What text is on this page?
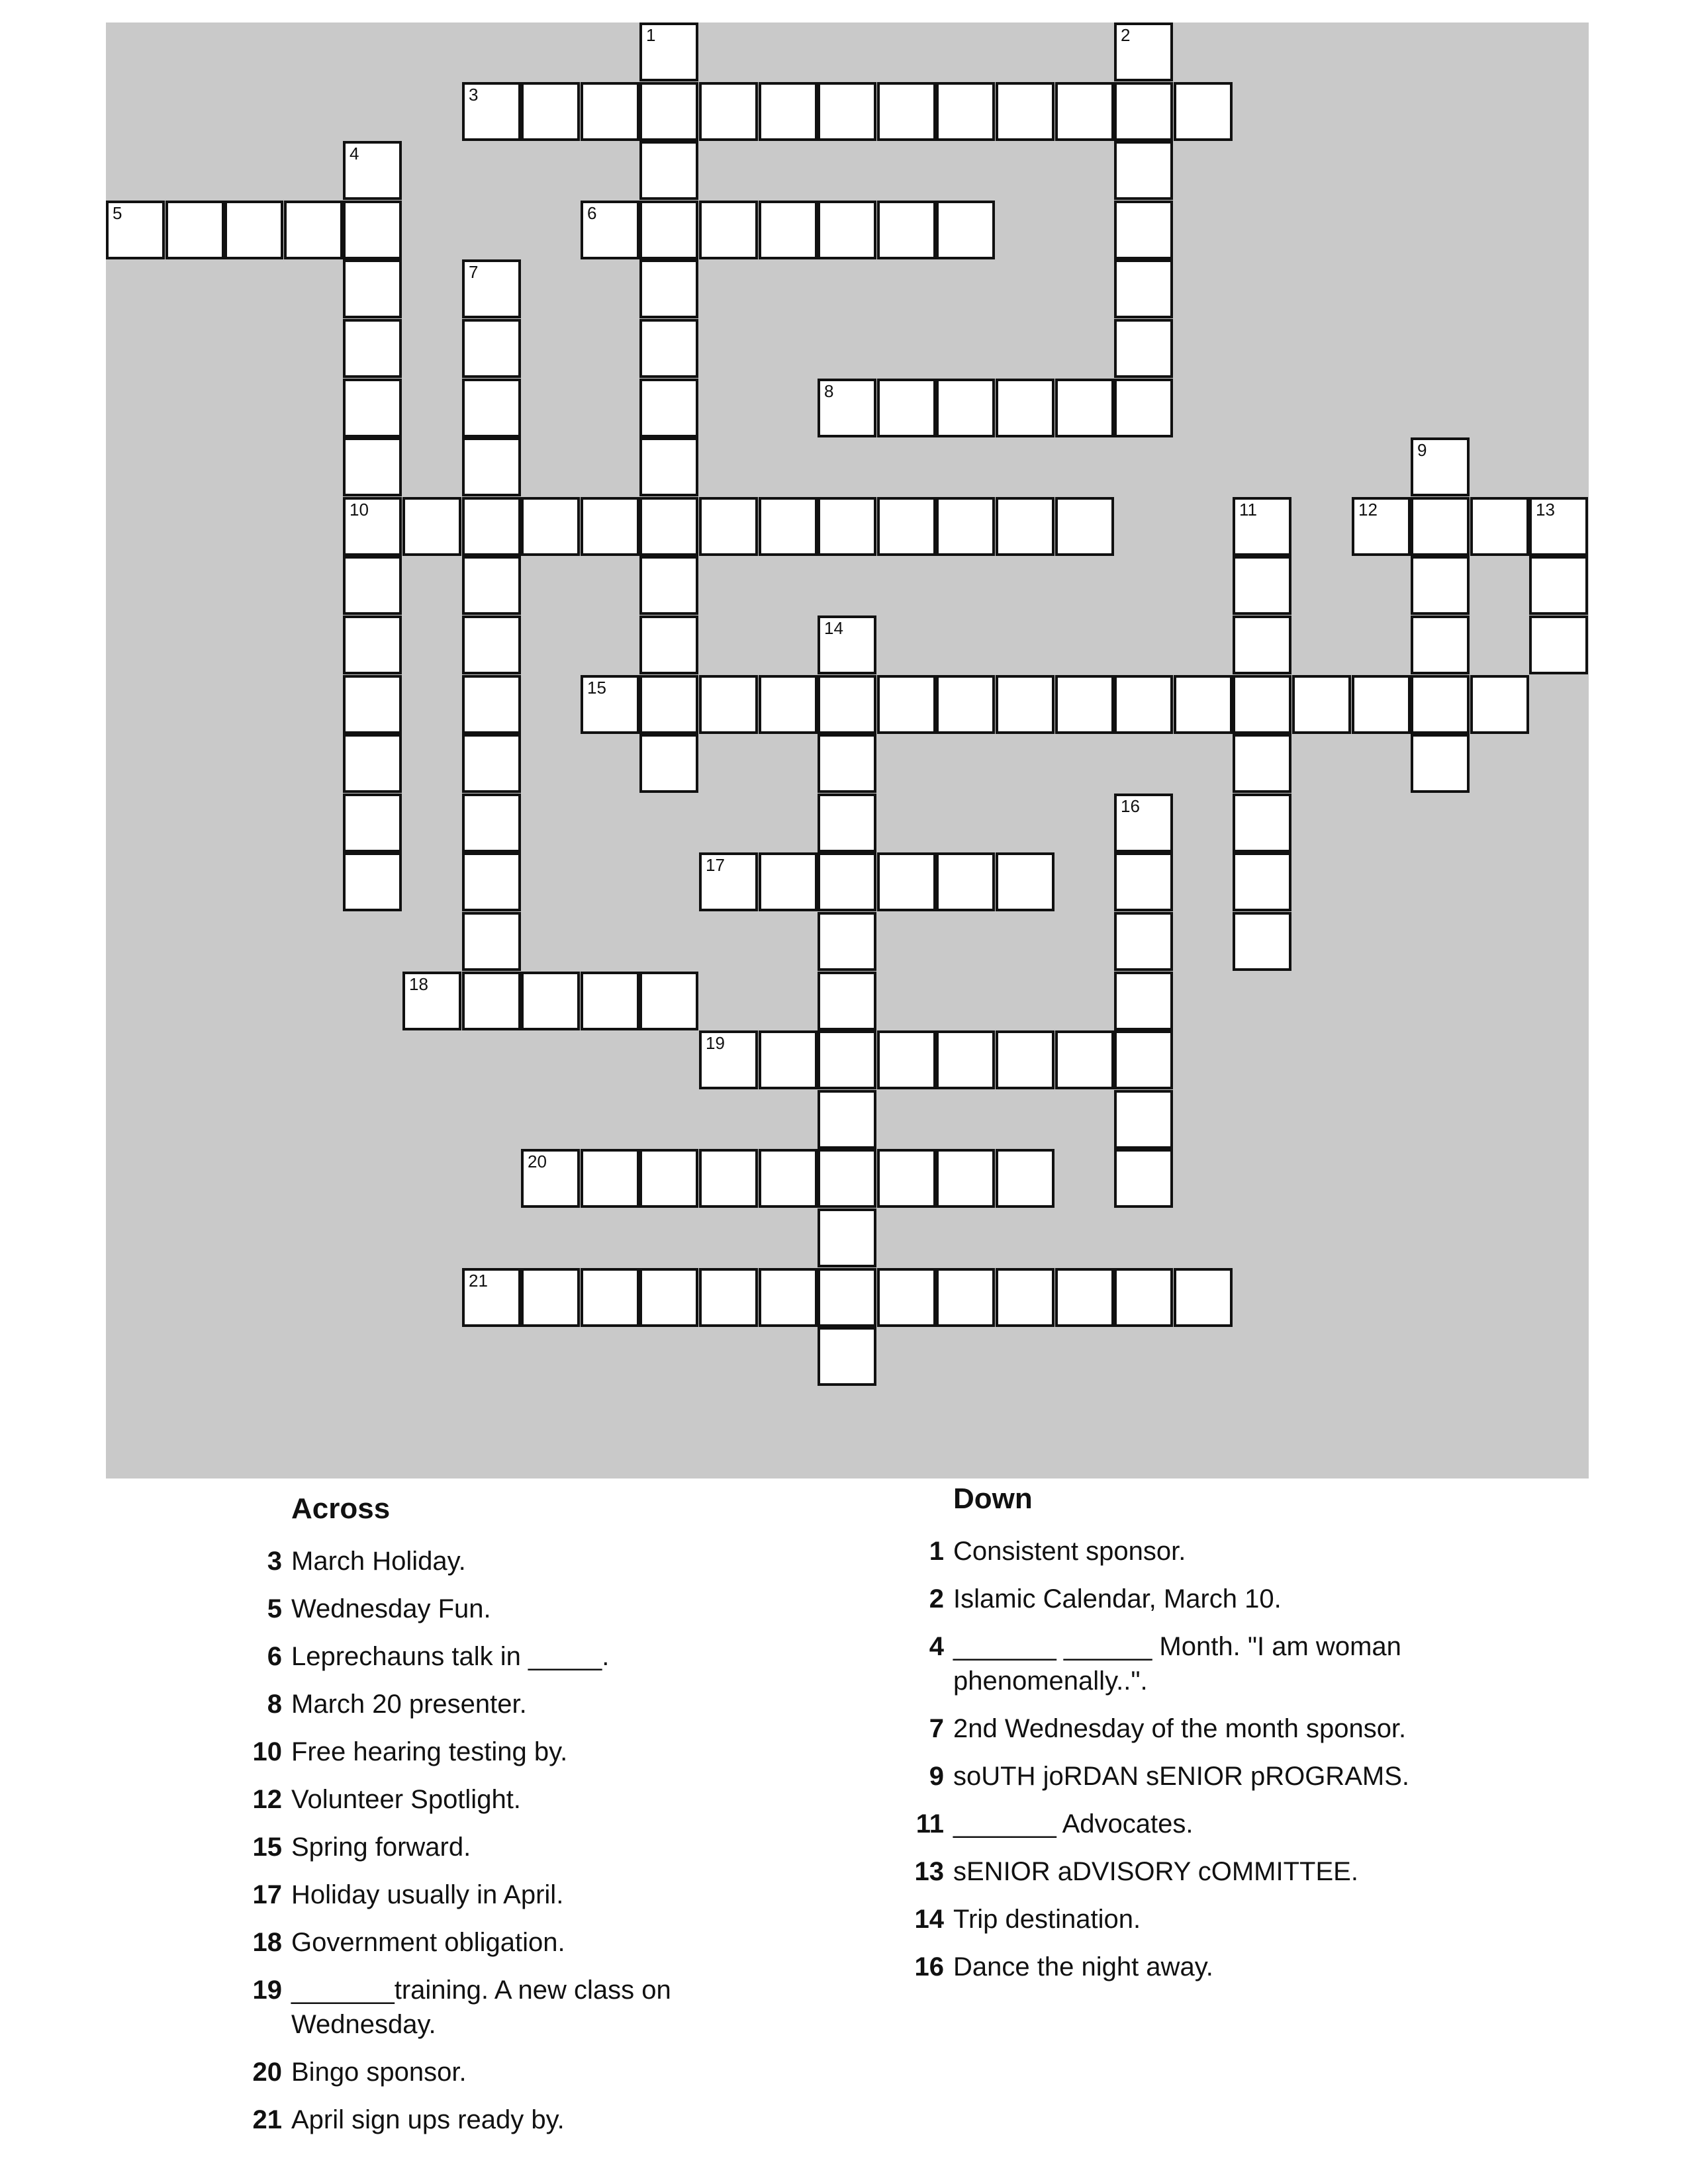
3
5	6
8
10	12	13
15
17
18
19
20
21
1	2
4
7
9
11
14
16
Across
3 March Holiday.
5 Wednesday Fun.
6 Leprechauns talk in _____.
8 March 20 presenter.
10 Free hearing testing by.
12 Volunteer Spotlight.
15 Spring forward.
17 Holiday usually in April.
18 Government obligation.
19 _______training. A new class on Wednesday.
20 Bingo sponsor.
21 April sign ups ready by.
Down
1 Consistent sponsor.
2 Islamic Calendar, March 10.
4 _______ ______ Month. "I am woman phenomenally..".
7 2nd Wednesday of the month sponsor.
9 soUTH joRDAN sENIOR pROGRAMS.
11 _______ Advocates.
13 sENIOR aDVISORY cOMMITTEE.
14 Trip destination.
16 Dance the night away.
